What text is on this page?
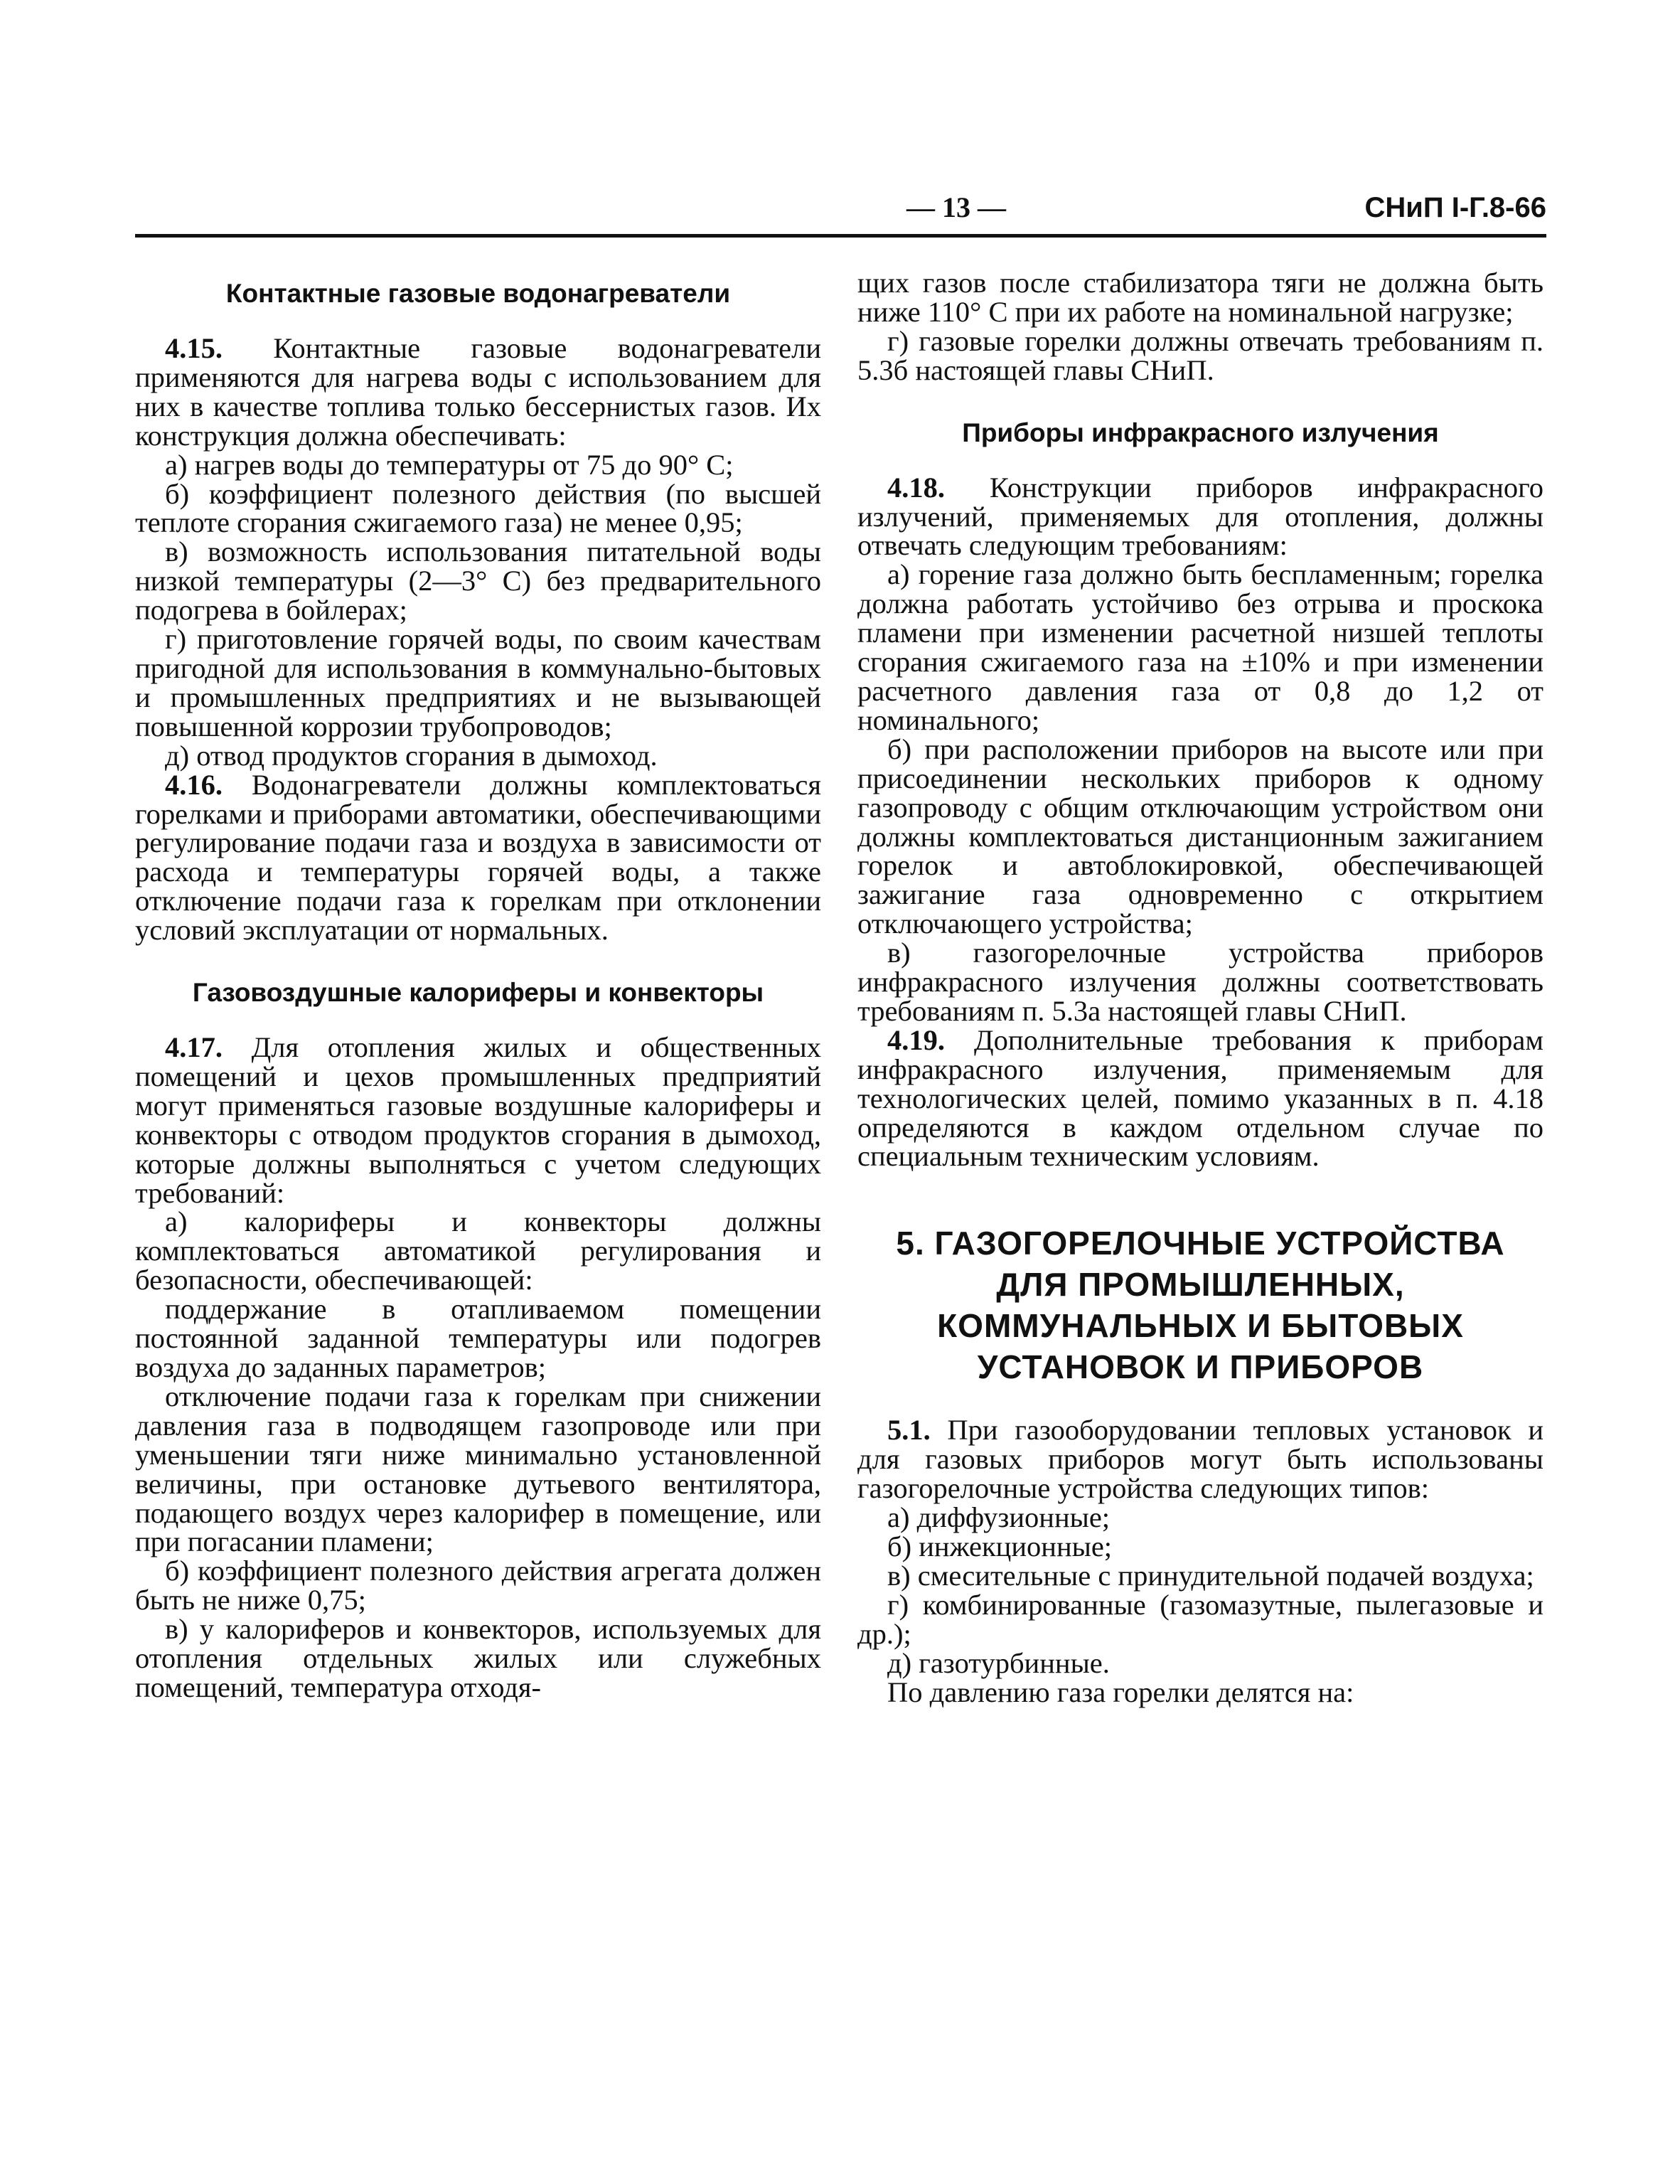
— 13 —	СНиП I-Г.8-66

Контактные газовые водонагреватели

4.15. Контактные газовые водонагреватели применяются для нагрева воды с использованием для них в качестве топлива только бессернистых газов. Их конструкция должна обеспечивать:

а) нагрев воды до температуры от 75 до 90° С;

б) коэффициент полезного действия (по высшей теплоте сгорания сжигаемого газа) не менее 0,95;

в) возможность использования питательной воды низкой температуры (2—3° С) без предварительного подогрева в бойлерах;

г) приготовление горячей воды, по своим качествам пригодной для использования в коммунально-бытовых и промышленных предприятиях и не вызывающей повышенной коррозии трубопроводов;

д) отвод продуктов сгорания в дымоход.

4.16. Водонагреватели должны комплектоваться горелками и приборами автоматики, обеспечивающими регулирование подачи газа и воздуха в зависимости от расхода и температуры горячей воды, а также отключение подачи газа к горелкам при отклонении условий эксплуатации от нормальных.

Газовоздушные калориферы и конвекторы

4.17. Для отопления жилых и общественных помещений и цехов промышленных предприятий могут применяться газовые воздушные калориферы и конвекторы с отводом продуктов сгорания в дымоход, которые должны выполняться с учетом следующих требований:

а) калориферы и конвекторы должны комплектоваться автоматикой регулирования и безопасности, обеспечивающей:

поддержание в отапливаемом помещении постоянной заданной температуры или подогрев воздуха до заданных параметров;

отключение подачи газа к горелкам при снижении давления газа в подводящем газопроводе или при уменьшении тяги ниже минимально установленной величины, при остановке дутьевого вентилятора, подающего воздух через калорифер в помещение, или при погасании пламени;

б) коэффициент полезного действия агрегата должен быть не ниже 0,75;

в) у калориферов и конвекторов, используемых для отопления отдельных жилых или служебных помещений, температура отходя-

щих газов после стабилизатора тяги не должна быть ниже 110° С при их работе на номинальной нагрузке;

г) газовые горелки должны отвечать требованиям п. 5.3б настоящей главы СНиП.

Приборы инфракрасного излучения

4.18. Конструкции приборов инфракрасного излучений, применяемых для отопления, должны отвечать следующим требованиям:

а) горение газа должно быть беспламенным; горелка должна работать устойчиво без отрыва и проскока пламени при изменении расчетной низшей теплоты сгорания сжигаемого газа на ±10% и при изменении расчетного давления газа от 0,8 до 1,2 от номинального;

б) при расположении приборов на высоте или при присоединении нескольких приборов к одному газопроводу с общим отключающим устройством они должны комплектоваться дистанционным зажиганием горелок и автоблокировкой, обеспечивающей зажигание газа одновременно с открытием отключающего устройства;

в) газогорелочные устройства приборов инфракрасного излучения должны соответствовать требованиям п. 5.3а настоящей главы СНиП.

4.19. Дополнительные требования к приборам инфракрасного излучения, применяемым для технологических целей, помимо указанных в п. 4.18 определяются в каждом отдельном случае по специальным техническим условиям.

5. ГАЗОГОРЕЛОЧНЫЕ УСТРОЙСТВА

ДЛЯ ПРОМЫШЛЕННЫХ,

КОММУНАЛЬНЫХ И БЫТОВЫХ

УСТАНОВОК И ПРИБОРОВ

5.1. При газооборудовании тепловых установок и для газовых приборов могут быть использованы газогорелочные устройства следующих типов:

а) диффузионные;

б) инжекционные;

в) смесительные с принудительной подачей воздуха;

г) комбинированные (газомазутные, пылегазовые и др.);

д) газотурбинные.

По давлению газа горелки делятся на:
